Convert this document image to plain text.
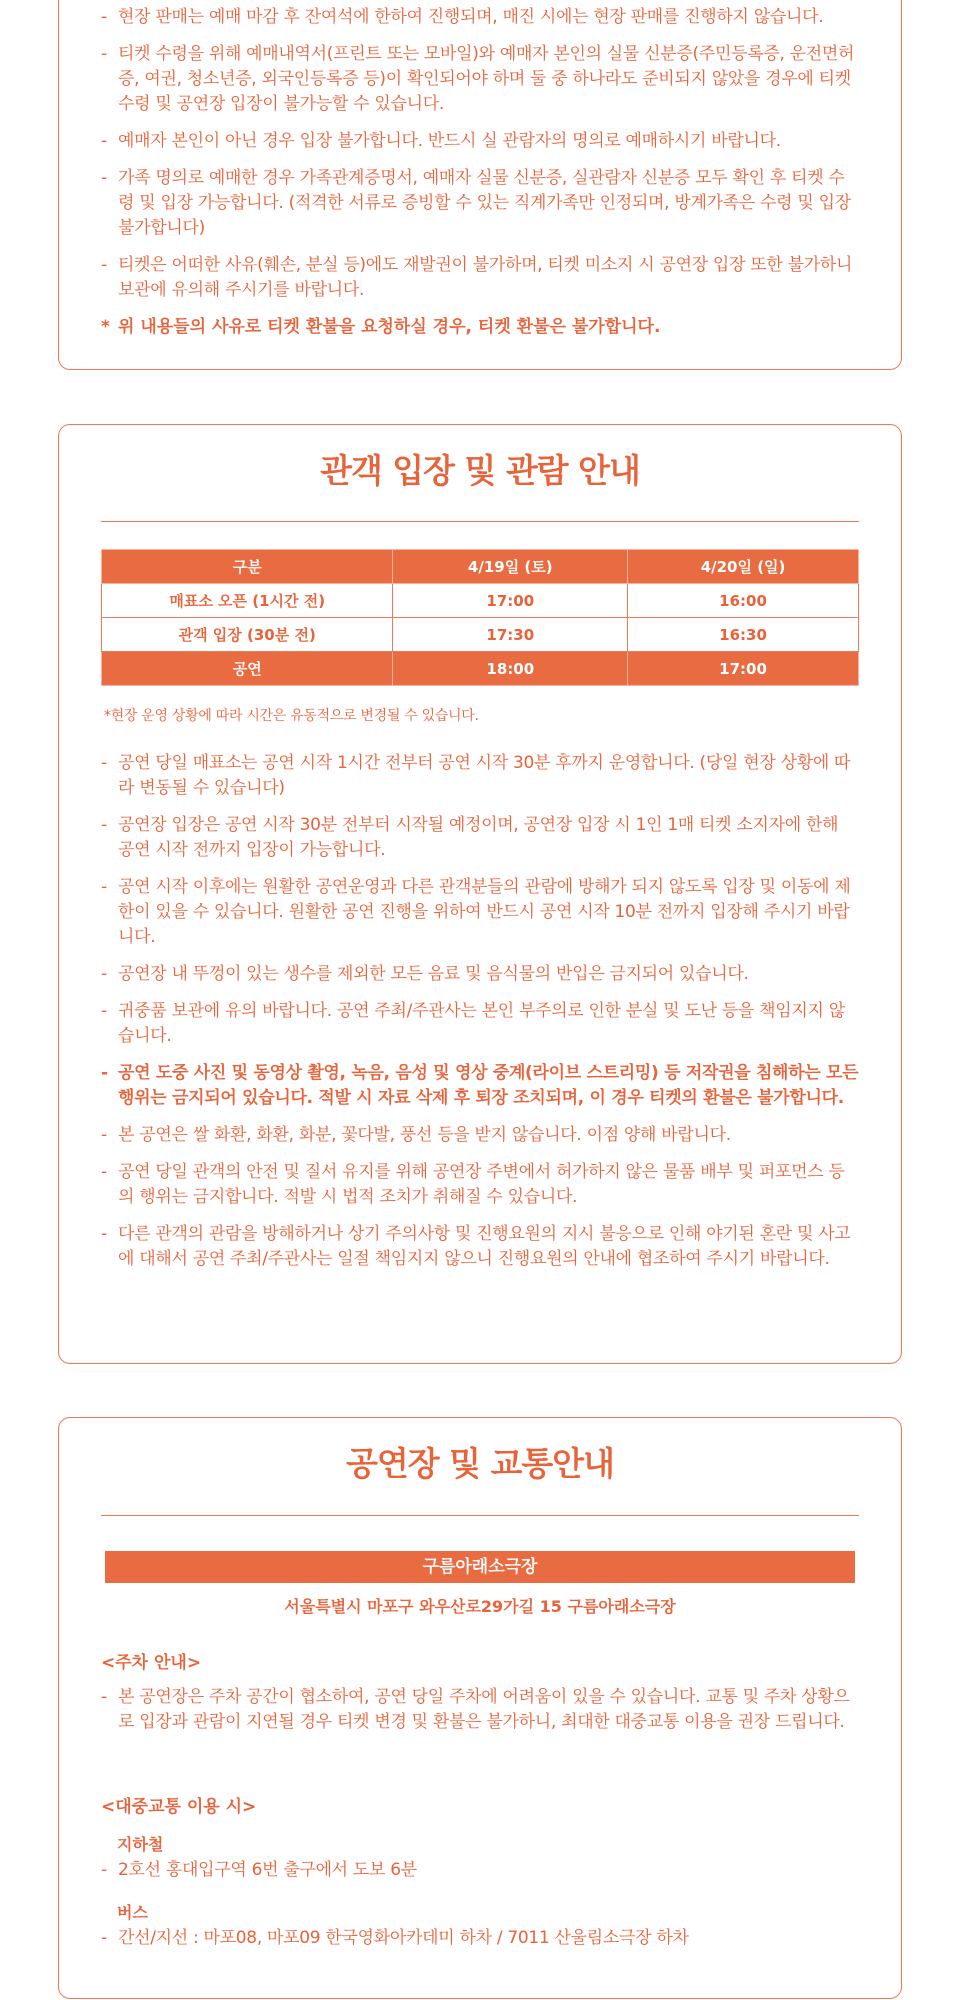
- 현장 판매는 예매 마감 후 잔여석에 한하여 진행되며, 매진 시에는 현장 판매를 진행하지 않습니다.
- 티켓 수령을 위해 예매내역서(프린트 또는 모바일)와 예매자 본인의 실물 신분증(주민등록증, 운전면허증, 여권, 청소년증, 외국인등록증 등)이 확인되어야 하며 둘 중 하나라도 준비되지 않았을 경우에 티켓 수령 및 공연장 입장이 불가능할 수 있습니다.
- 예매자 본인이 아닌 경우 입장 불가합니다. 반드시 실 관람자의 명의로 예매하시기 바랍니다.
- 가족 명의로 예매한 경우 가족관계증명서, 예매자 실물 신분증, 실관람자 신분증 모두 확인 후 티켓 수령 및 입장 가능합니다. (적격한 서류로 증빙할 수 있는 직계가족만 인정되며, 방계가족은 수령 및 입장 불가합니다)
- 티켓은 어떠한 사유(훼손, 분실 등)에도 재발권이 불가하며, 티켓 미소지 시 공연장 입장 또한 불가하니 보관에 유의해 주시기를 바랍니다.
* 위 내용들의 사유로 티켓 환불을 요청하실 경우, 티켓 환불은 불가합니다.
관객 입장 및 관람 안내
구분	4/19일 (토)	4/20일 (일)
매표소 오픈 (1시간 전)	17:00	16:00
관객 입장 (30분 전)	17:30	16:30
공연	18:00	17:00
*현장 운영 상황에 따라 시간은 유동적으로 변경될 수 있습니다.
- 공연 당일 매표소는 공연 시작 1시간 전부터 공연 시작 30분 후까지 운영합니다. (당일 현장 상황에 따라 변동될 수 있습니다)
- 공연장 입장은 공연 시작 30분 전부터 시작될 예정이며, 공연장 입장 시 1인 1매 티켓 소지자에 한해 공연 시작 전까지 입장이 가능합니다.
- 공연 시작 이후에는 원활한 공연운영과 다른 관객분들의 관람에 방해가 되지 않도록 입장 및 이동에 제한이 있을 수 있습니다. 원활한 공연 진행을 위하여 반드시 공연 시작 10분 전까지 입장해 주시기 바랍니다.
- 공연장 내 뚜껑이 있는 생수를 제외한 모든 음료 및 음식물의 반입은 금지되어 있습니다.
- 귀중품 보관에 유의 바랍니다. 공연 주최/주관사는 본인 부주의로 인한 분실 및 도난 등을 책임지지 않습니다.
- 공연 도중 사진 및 동영상 촬영, 녹음, 음성 및 영상 중계(라이브 스트리밍) 등 저작권을 침해하는 모든 행위는 금지되어 있습니다. 적발 시 자료 삭제 후 퇴장 조치되며, 이 경우 티켓의 환불은 불가합니다.
- 본 공연은 쌀 화환, 화환, 화분, 꽃다발, 풍선 등을 받지 않습니다. 이점 양해 바랍니다.
- 공연 당일 관객의 안전 및 질서 유지를 위해 공연장 주변에서 허가하지 않은 물품 배부 및 퍼포먼스 등의 행위는 금지합니다. 적발 시 법적 조치가 취해질 수 있습니다.
- 다른 관객의 관람을 방해하거나 상기 주의사항 및 진행요원의 지시 불응으로 인해 야기된 혼란 및 사고에 대해서 공연 주최/주관사는 일절 책임지지 않으니 진행요원의 안내에 협조하여 주시기 바랍니다.
공연장 및 교통안내
구름아래소극장
서울특별시 마포구 와우산로29가길 15 구름아래소극장
<주차 안내>
- 본 공연장은 주차 공간이 협소하여, 공연 당일 주차에 어려움이 있을 수 있습니다. 교통 및 주차 상황으로 입장과 관람이 지연될 경우 티켓 변경 및 환불은 불가하니, 최대한 대중교통 이용을 권장 드립니다.
<대중교통 이용 시>
지하철
- 2호선 홍대입구역 6번 출구에서 도보 6분
버스
- 간선/지선 : 마포08, 마포09 한국영화아카데미 하차 / 7011 산울림소극장 하차
